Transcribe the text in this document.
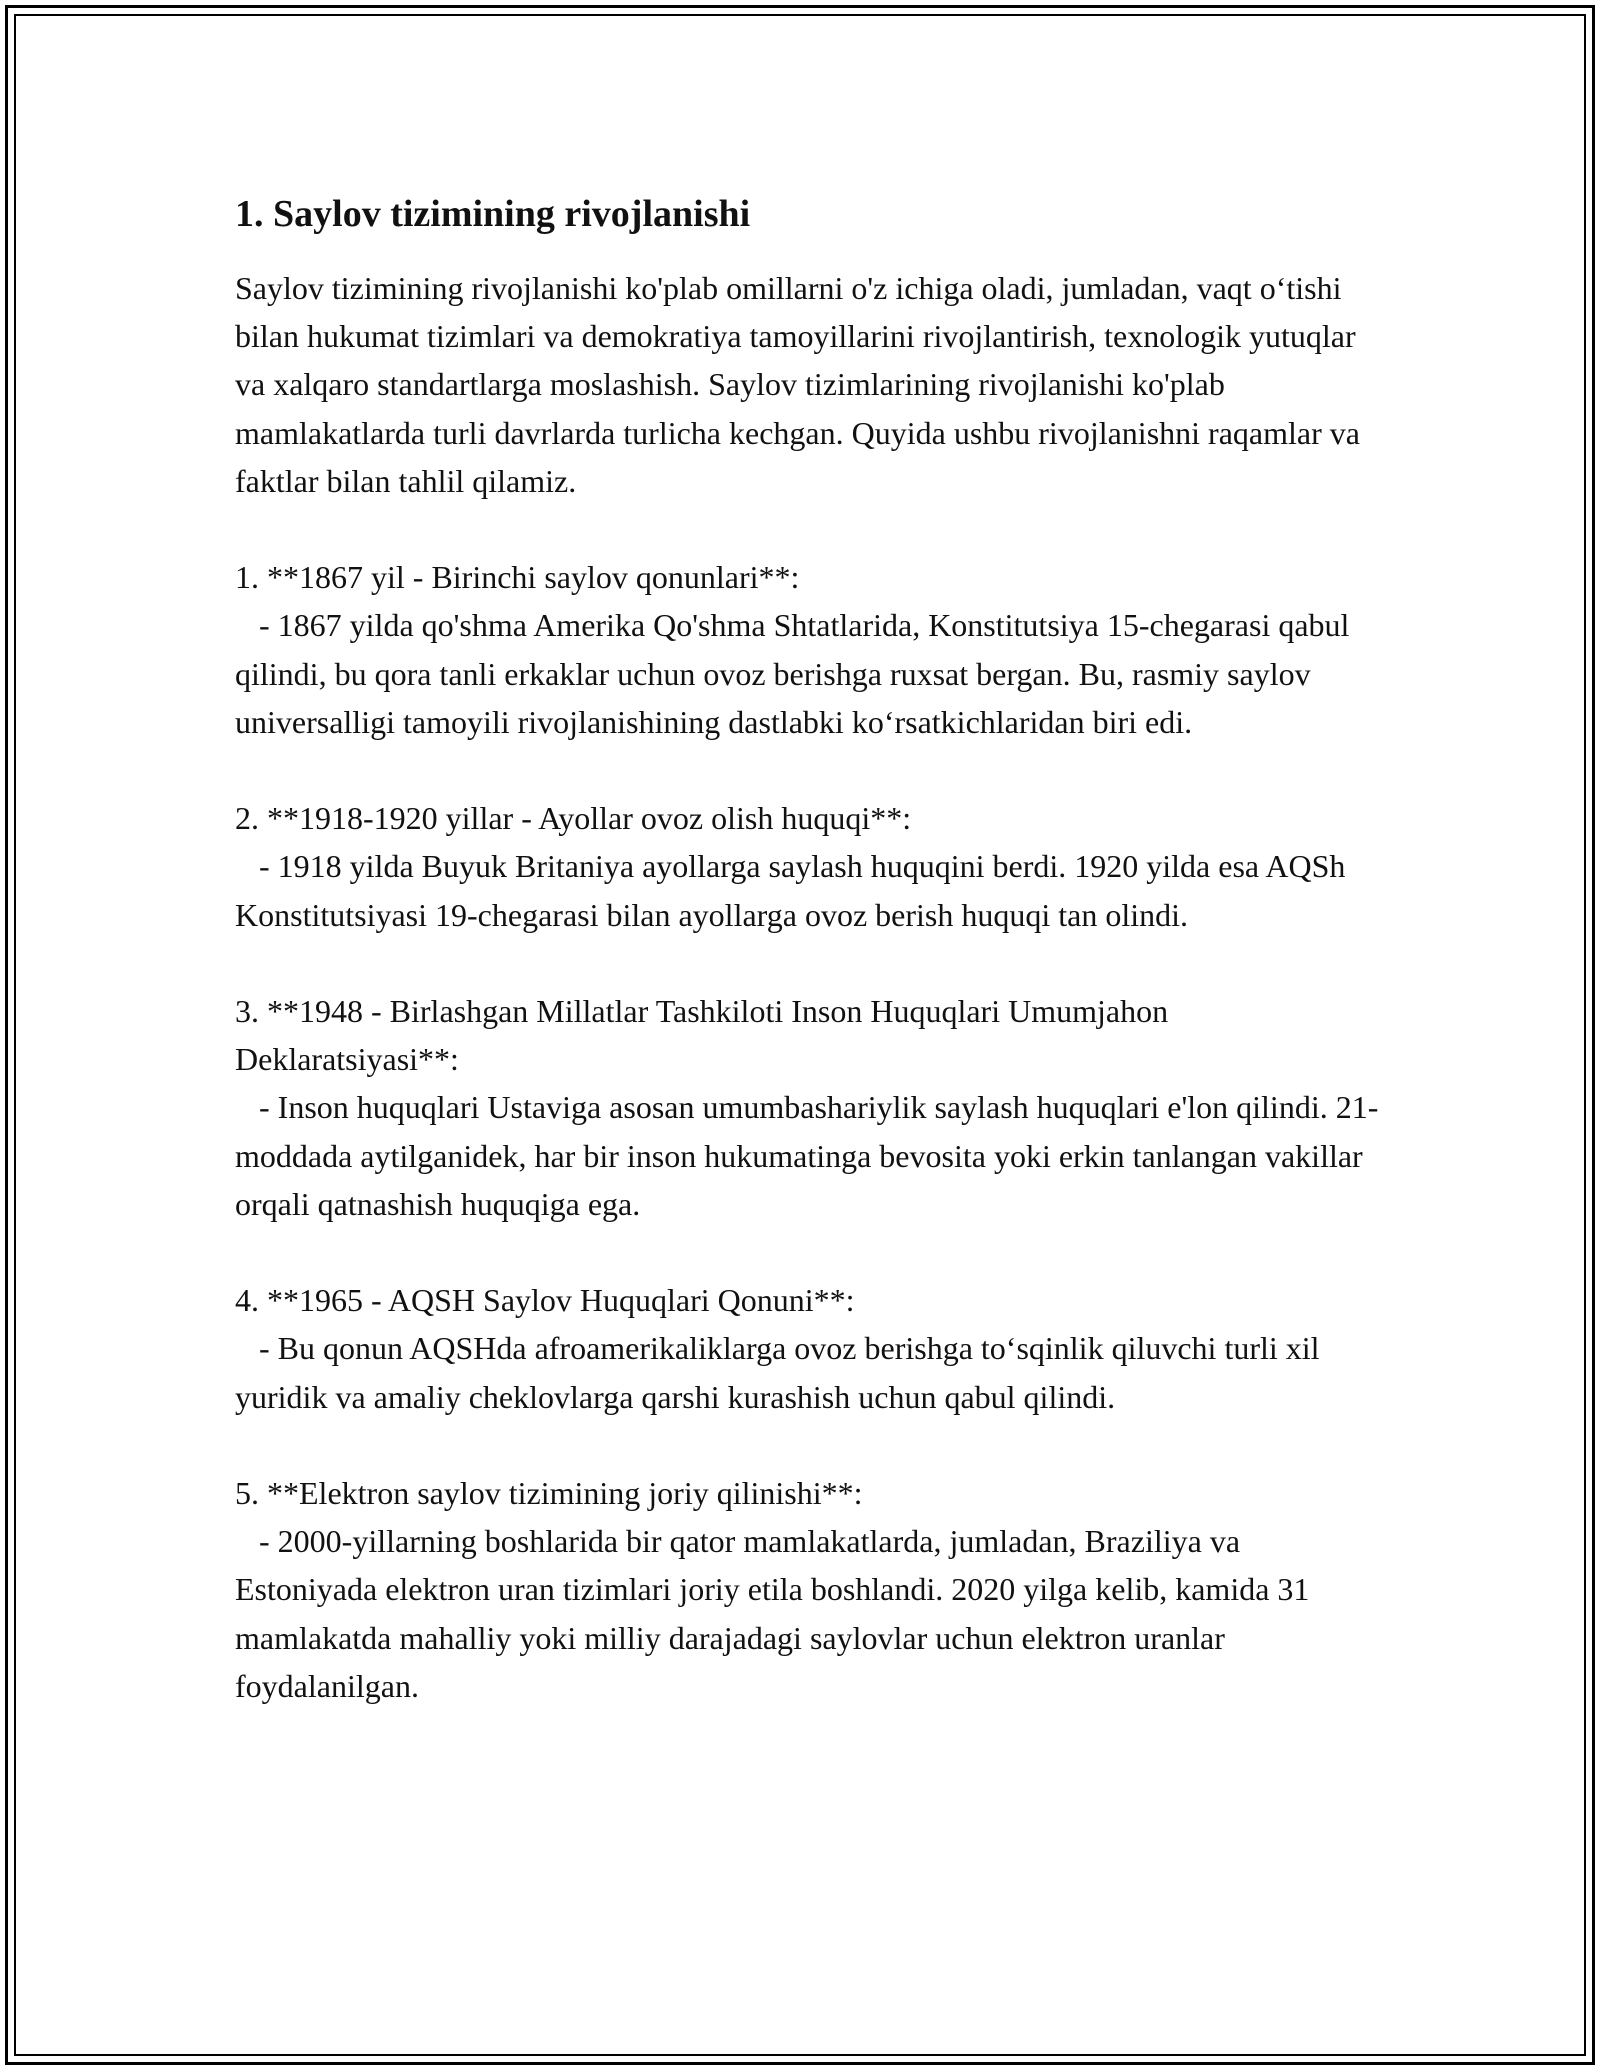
1. Saylov tizimining rivojlanishi

Saylov tizimining rivojlanishi ko'plab omillarni o'z ichiga oladi, jumladan, vaqt o‘tishi bilan hukumat tizimlari va demokratiya tamoyillarini rivojlantirish, texnologik yutuqlar va xalqaro standartlarga moslashish. Saylov tizimlarining rivojlanishi ko'plab mamlakatlarda turli davrlarda turlicha kechgan. Quyida ushbu rivojlanishni raqamlar va faktlar bilan tahlil qilamiz.

1. **1867 yil - Birinchi saylov qonunlari**:

- 1867 yilda qo'shma Amerika Qo'shma Shtatlarida, Konstitutsiya 15-chegarasi qabul qilindi, bu qora tanli erkaklar uchun ovoz berishga ruxsat bergan. Bu, rasmiy saylov universalligi tamoyili rivojlanishining dastlabki ko‘rsatkichlaridan biri edi.

2. **1918-1920 yillar - Ayollar ovoz olish huquqi**:

- 1918 yilda Buyuk Britaniya ayollarga saylash huquqini berdi. 1920 yilda esa AQSh Konstitutsiyasi 19-chegarasi bilan ayollarga ovoz berish huquqi tan olindi.

3. **1948 - Birlashgan Millatlar Tashkiloti Inson Huquqlari Umumjahon Deklaratsiyasi**:

- Inson huquqlari Ustaviga asosan umumbashariylik saylash huquqlari e'lon qilindi. 21-moddada aytilganidek, har bir inson hukumatinga bevosita yoki erkin tanlangan vakillar orqali qatnashish huquqiga ega.

4. **1965 - AQSH Saylov Huquqlari Qonuni**:

- Bu qonun AQSHda afroamerikaliklarga ovoz berishga to‘sqinlik qiluvchi turli xil yuridik va amaliy cheklovlarga qarshi kurashish uchun qabul qilindi.

5. **Elektron saylov tizimining joriy qilinishi**:

- 2000-yillarning boshlarida bir qator mamlakatlarda, jumladan, Braziliya va Estoniyada elektron uran tizimlari joriy etila boshlandi. 2020 yilga kelib, kamida 31 mamlakatda mahalliy yoki milliy darajadagi saylovlar uchun elektron uranlar foydalanilgan.
